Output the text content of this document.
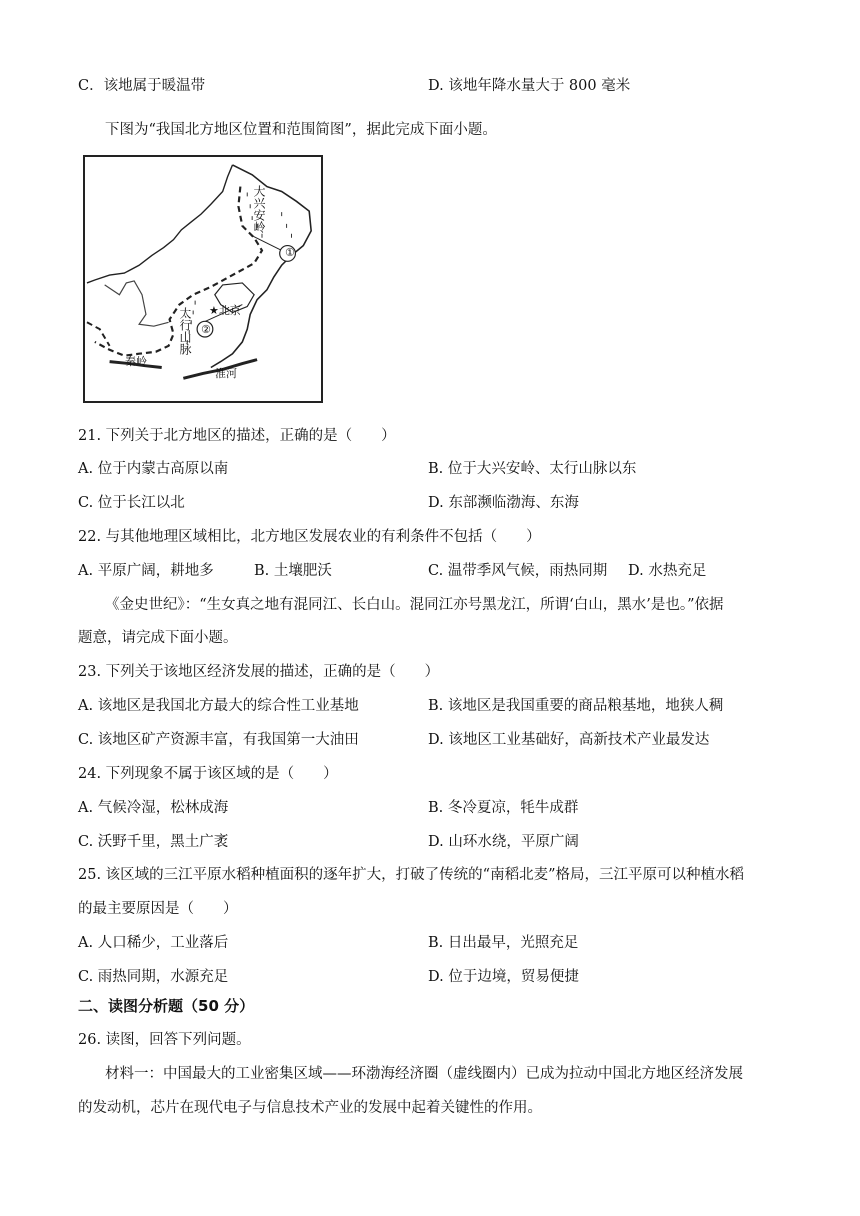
C．该地属于暖温带	D. 该地年降水量大于 800 毫米
下图为“我国北方地区位置和范围简图”，据此完成下面小题。
大兴安岭
①
★北京
太行山脉 ②
秦岭
淮河
21. 下列关于北方地区的描述，正确的是（　　）
A. 位于内蒙古高原以南	B. 位于大兴安岭、太行山脉以东
C. 位于长江以北	D. 东部濒临渤海、东海
22. 与其他地理区域相比，北方地区发展农业的有利条件不包括（　　）
A. 平原广阔，耕地多	B. 土壤肥沃	C. 温带季风气候，雨热同期 D. 水热充足
《金史世纪》：“生女真之地有混同江、长白山。混同江亦号黑龙江，所谓‘白山，黑水’是也。”依据
题意，请完成下面小题。
23. 下列关于该地区经济发展的描述，正确的是（　　）
A. 该地区是我国北方最大的综合性工业基地	B. 该地区是我国重要的商品粮基地，地狭人稠
C. 该地区矿产资源丰富，有我国第一大油田	D. 该地区工业基础好，高新技术产业最发达
24. 下列现象不属于该区域的是（　　）
A. 气候冷湿，松林成海	B. 冬冷夏凉，牦牛成群
C. 沃野千里，黑土广袤	D. 山环水绕，平原广阔
25. 该区域的三江平原水稻种植面积的逐年扩大，打破了传统的“南稻北麦”格局，三江平原可以种植水稻
的最主要原因是（　　）
A. 人口稀少，工业落后	B. 日出最早，光照充足
C. 雨热同期，水源充足	D. 位于边境，贸易便捷
二、读图分析题（50 分）
26. 读图，回答下列问题。
材料一：中国最大的工业密集区域——环渤海经济圈（虚线圈内）已成为拉动中国北方地区经济发展
的发动机，芯片在现代电子与信息技术产业的发展中起着关键性的作用。
